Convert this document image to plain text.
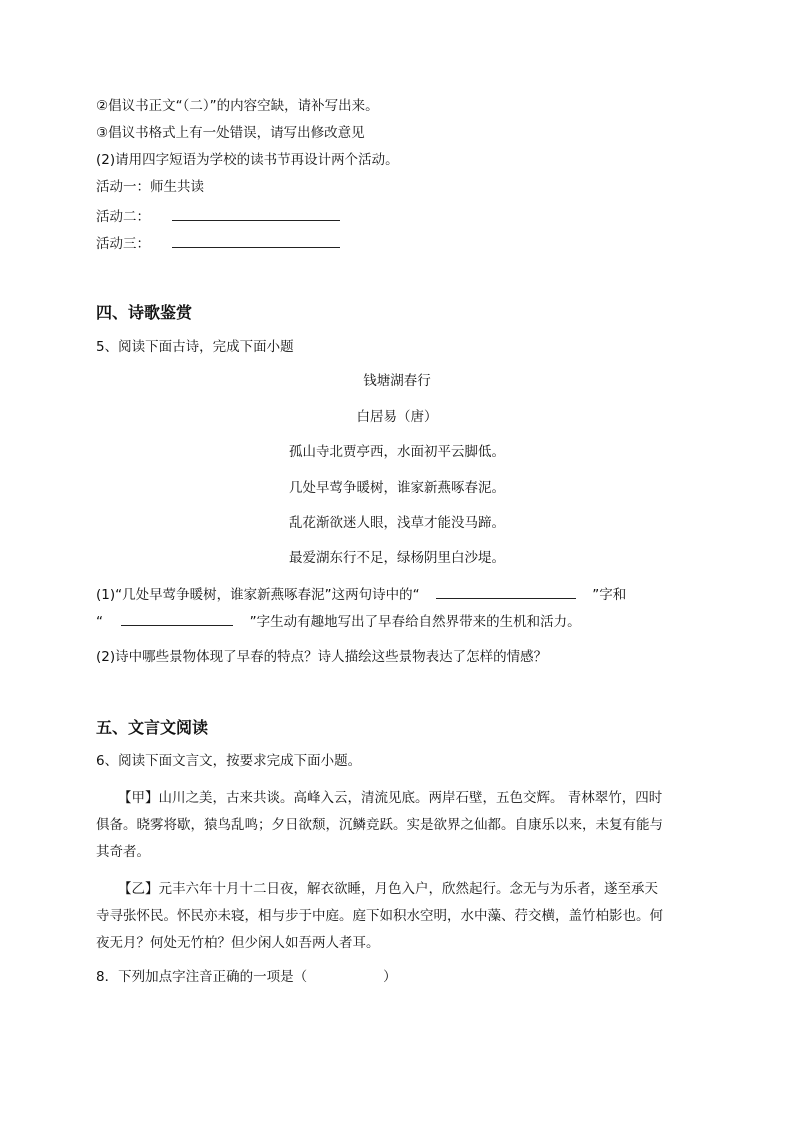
②倡议书正文“（二）”的内容空缺，请补写出来。
③倡议书格式上有一处错误，请写出修改意见
(2)请用四字短语为学校的读书节再设计两个活动。
活动一：师生共读
活动二：
活动三：
四、诗歌鉴赏
5、阅读下面古诗，完成下面小题
钱塘湖春行
白居易（唐）
孤山寺北贾亭西，水面初平云脚低。
几处早莺争暖树，谁家新燕啄春泥。
乱花渐欲迷人眼，浅草才能没马蹄。
最爱湖东行不足，绿杨阴里白沙堤。
(1)“几处早莺争暖树，谁家新燕啄春泥”这两句诗中的“	”字和
“	”字生动有趣地写出了早春给自然界带来的生机和活力。
(2)诗中哪些景物体现了早春的特点？诗人描绘这些景物表达了怎样的情感？
五、文言文阅读
6、阅读下面文言文，按要求完成下面小题。
【甲】山川之美，古来共谈。高峰入云，清流见底。两岸石壁，五色交辉。 青林翠竹，四时
俱备。晓雾将歇，猿鸟乱鸣；夕日欲颓，沉鳞竞跃。实是欲界之仙都。自康乐以来，未复有能与
其奇者。
【乙】元丰六年十月十二日夜，解衣欲睡，月色入户，欣然起行。念无与为乐者，遂至承天
寺寻张怀民。怀民亦未寝，相与步于中庭。庭下如积水空明，水中藻、荇交横，盖竹柏影也。何
夜无月？何处无竹柏？但少闲人如吾两人者耳。
8．下列加点字注音正确的一项是（	）
